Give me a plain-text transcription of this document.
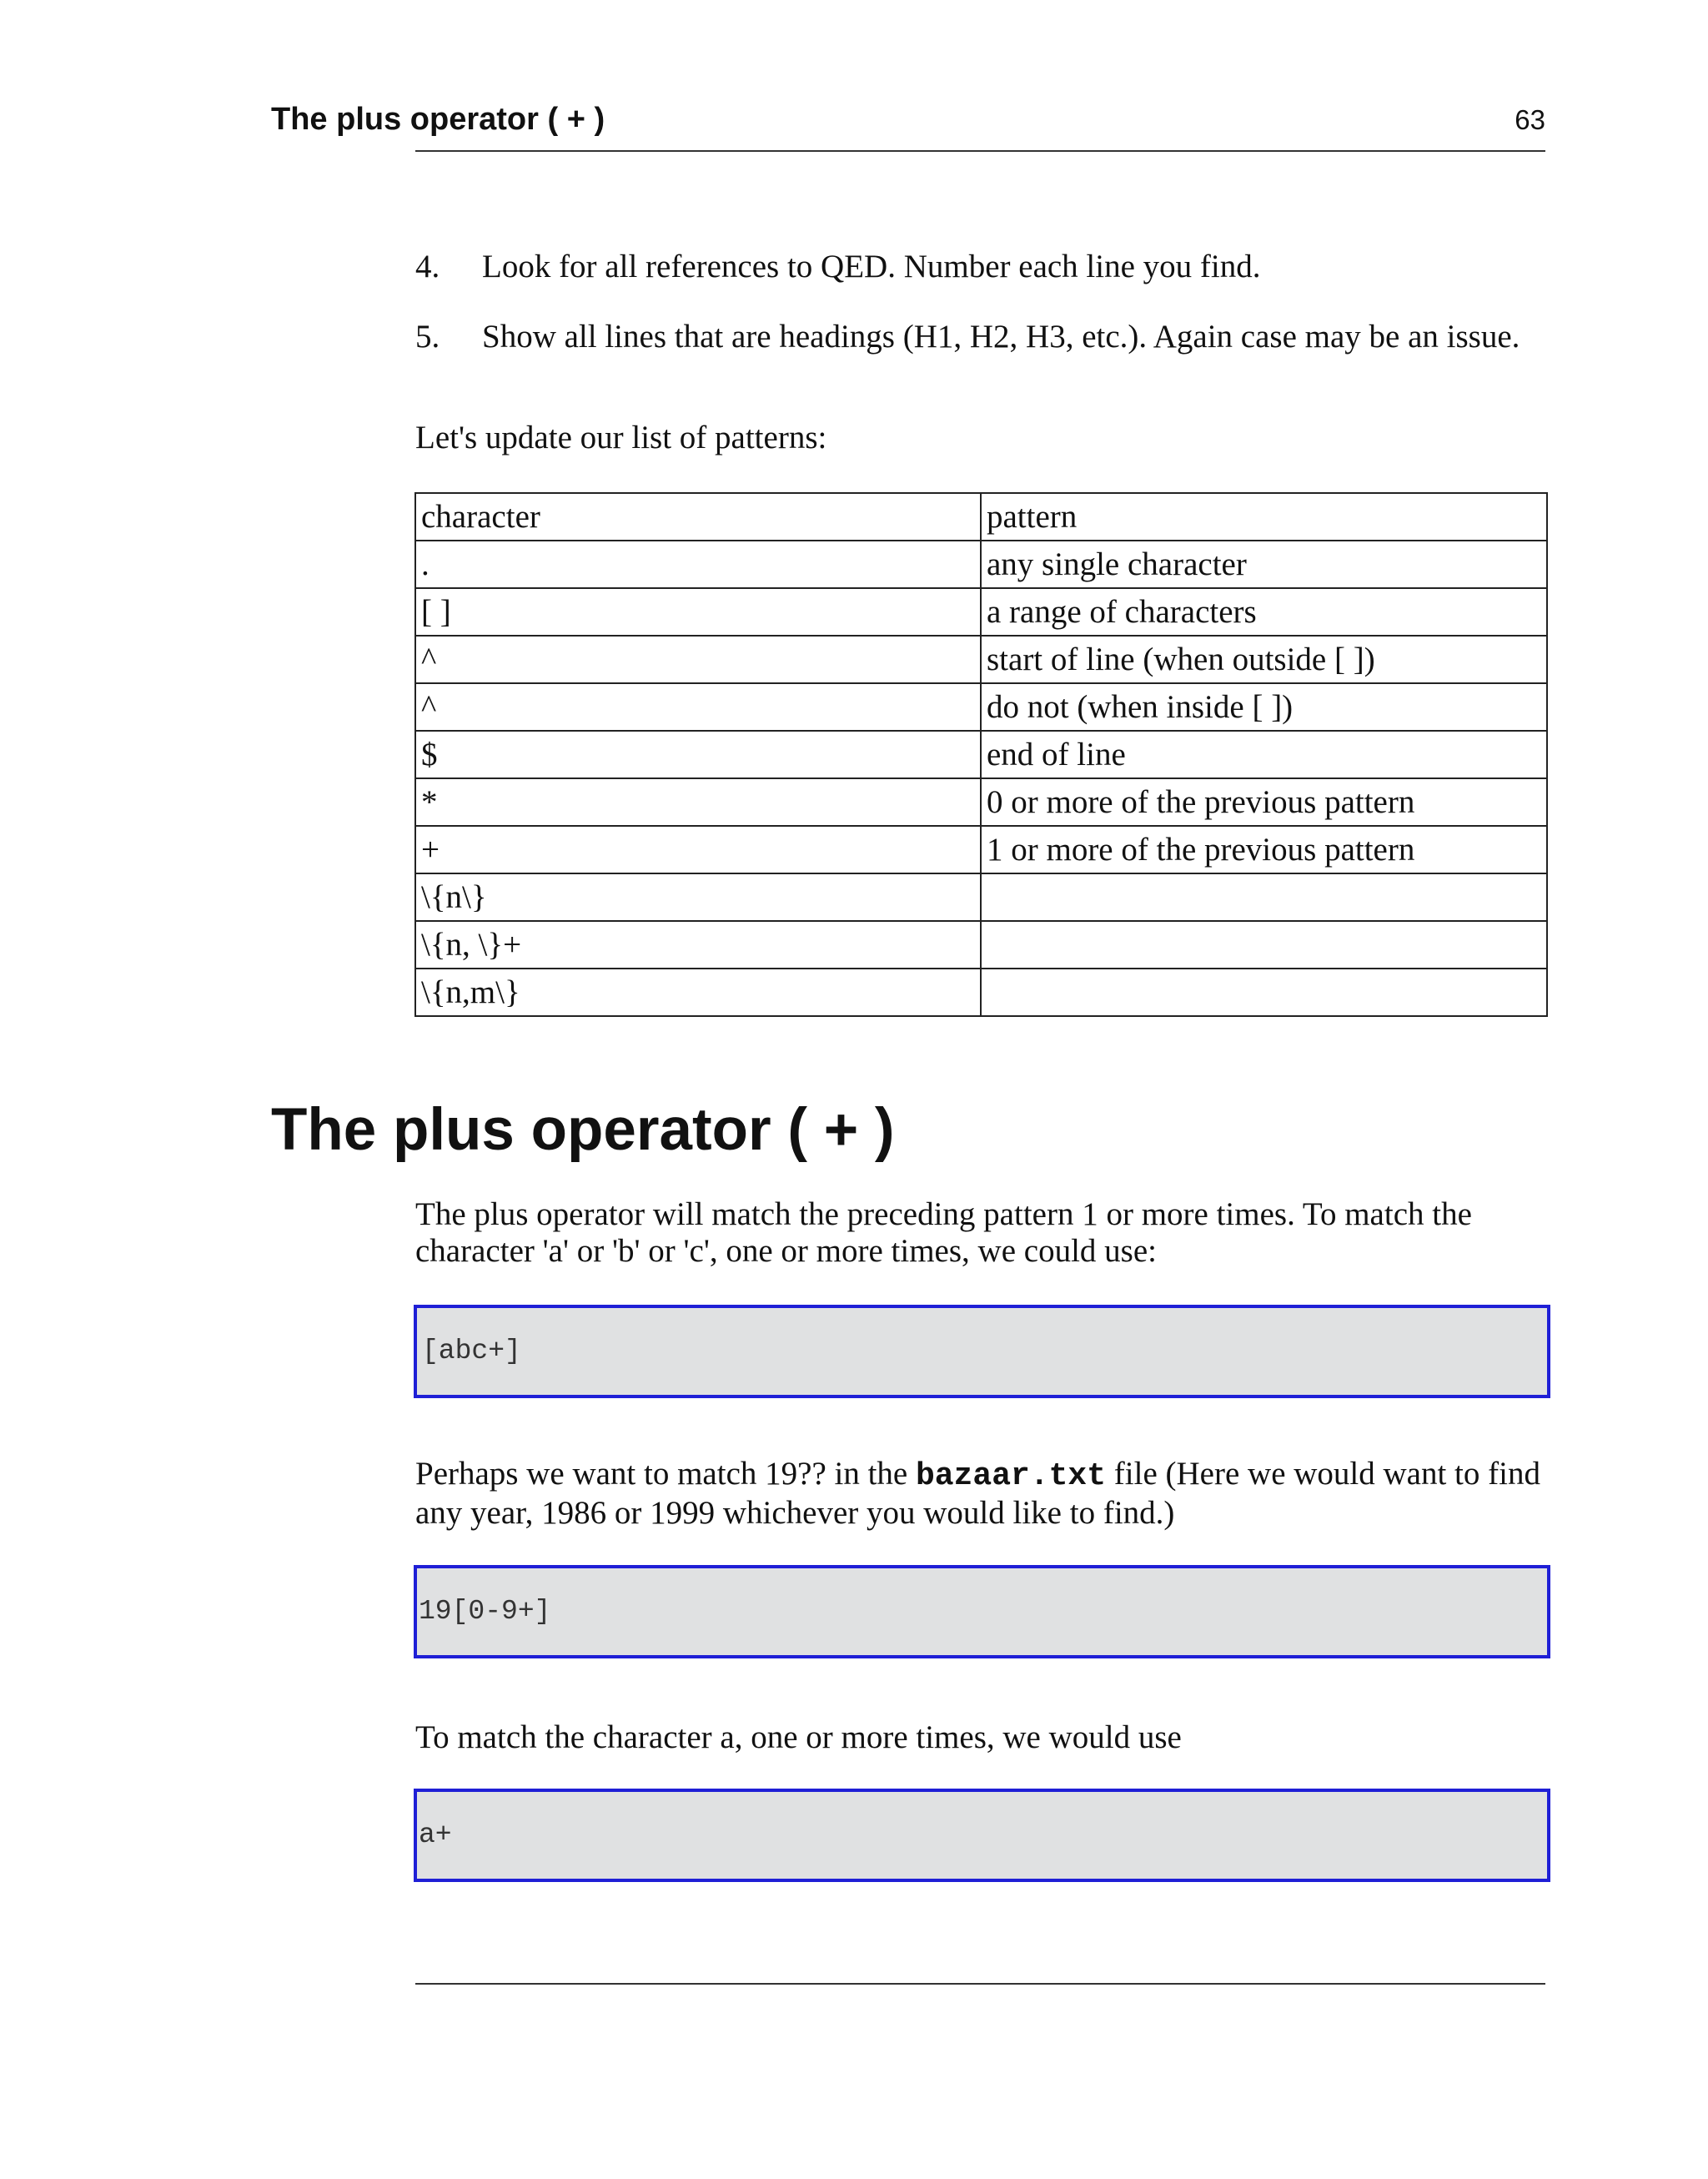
The plus operator ( + )	63
4. Look for all references to QED. Number each line you find.
5. Show all lines that are headings (H1, H2, H3, etc.). Again case may be an issue.

Let's update our list of patterns:

character	pattern
.	any single character
[ ]	a range of characters
^	start of line (when outside [ ])
^	do not (when inside [ ])
$	end of line
*	0 or more of the previous pattern
+	1 or more of the previous pattern
\{n\}	
\{n, \}+	
\{n,m\}	
The plus operator ( + )

The plus operator will match the preceding pattern 1 or more times. To match the character 'a' or 'b' or 'c', one or more times, we could use:

[abc+]

Perhaps we want to match 19?? in the bazaar.txt file (Here we would want to find any year, 1986 or 1999 whichever you would like to find.)

19[0-9+]

To match the character a, one or more times, we would use

a+
